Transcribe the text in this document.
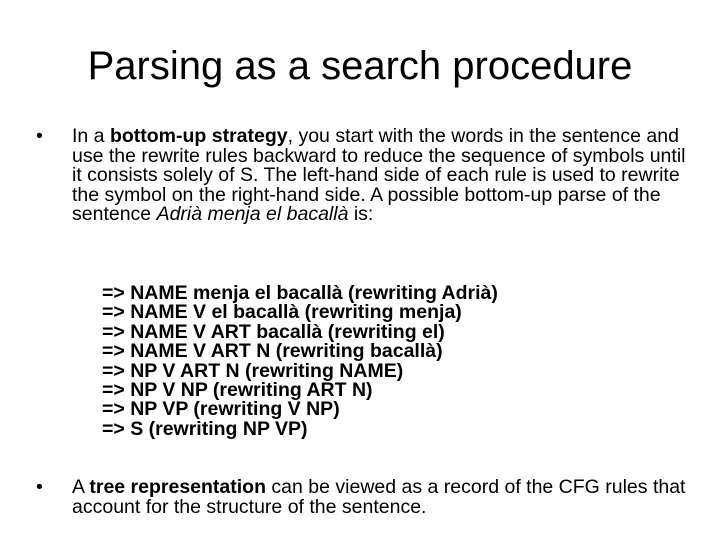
Parsing as a search procedure
• In a bottom-up strategy, you start with the words in the sentence and use the rewrite rules backward to reduce the sequence of symbols until it consists solely of S. The left-hand side of each rule is used to rewrite the symbol on the right-hand side. A possible bottom-up parse of the sentence Adrià menja el bacallà is:
=> NAME menja el bacallà (rewriting Adrià)
=> NAME V el bacallà (rewriting menja)
=> NAME V ART bacallà (rewriting el)
=> NAME V ART N (rewriting bacallà)
=> NP V ART N (rewriting NAME)
=> NP V NP (rewriting ART N)
=> NP VP (rewriting V NP)
=> S (rewriting NP VP)
• A tree representation can be viewed as a record of the CFG rules that account for the structure of the sentence.
